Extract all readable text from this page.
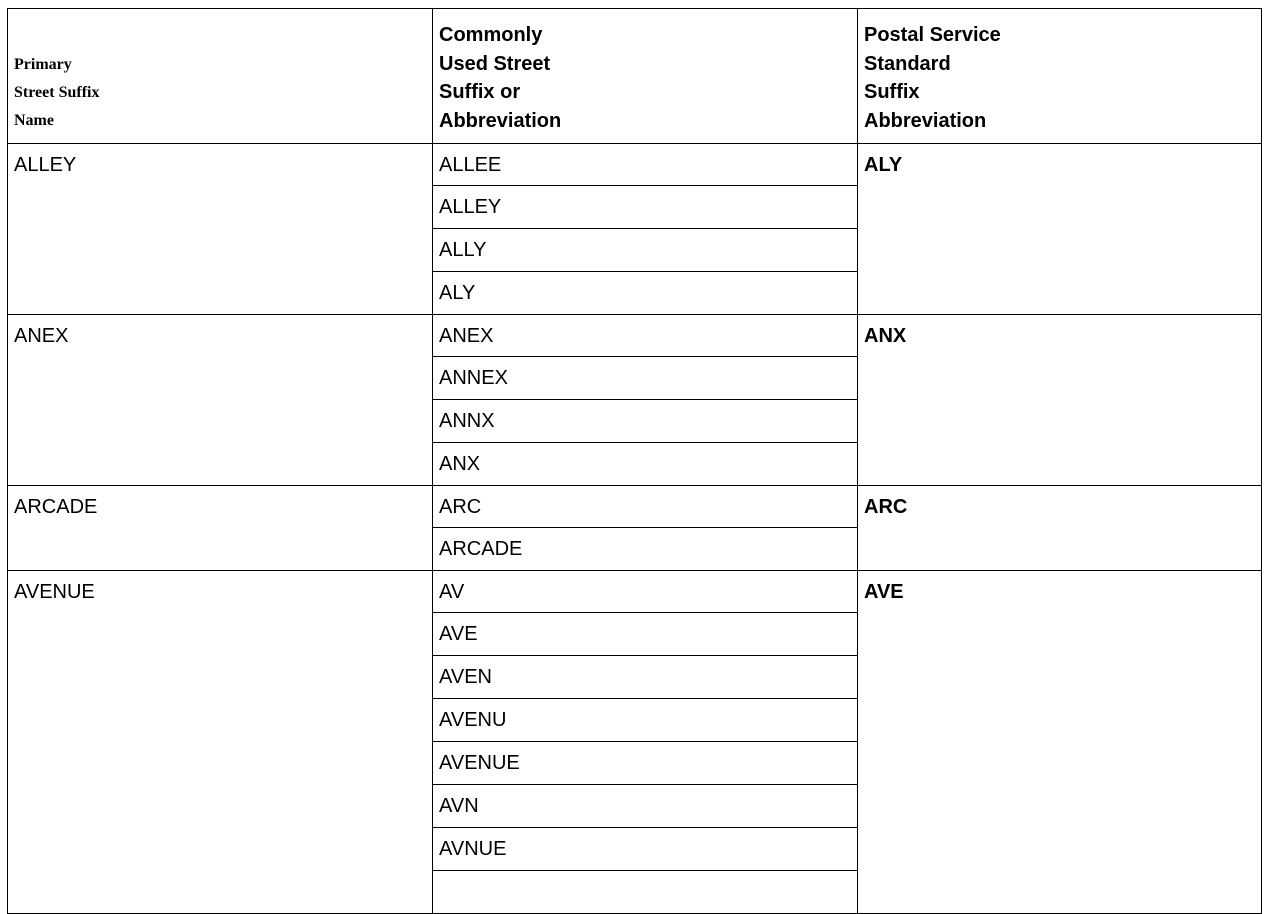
Primary
Street Suffix
Name	Commonly
Used Street
Suffix or
Abbreviation	Postal Service
Standard
Suffix
Abbreviation
ALLEY	ALLEE	ALY
	ALLEY	
	ALLY	
	ALY	
ANEX	ANEX	ANX
	ANNEX	
	ANNX	
	ANX	
ARCADE	ARC	ARC
	ARCADE	
AVENUE	AV	AVE
	AVE	
	AVEN	
	AVENU	
	AVENUE	
	AVN	
	AVNUE	
